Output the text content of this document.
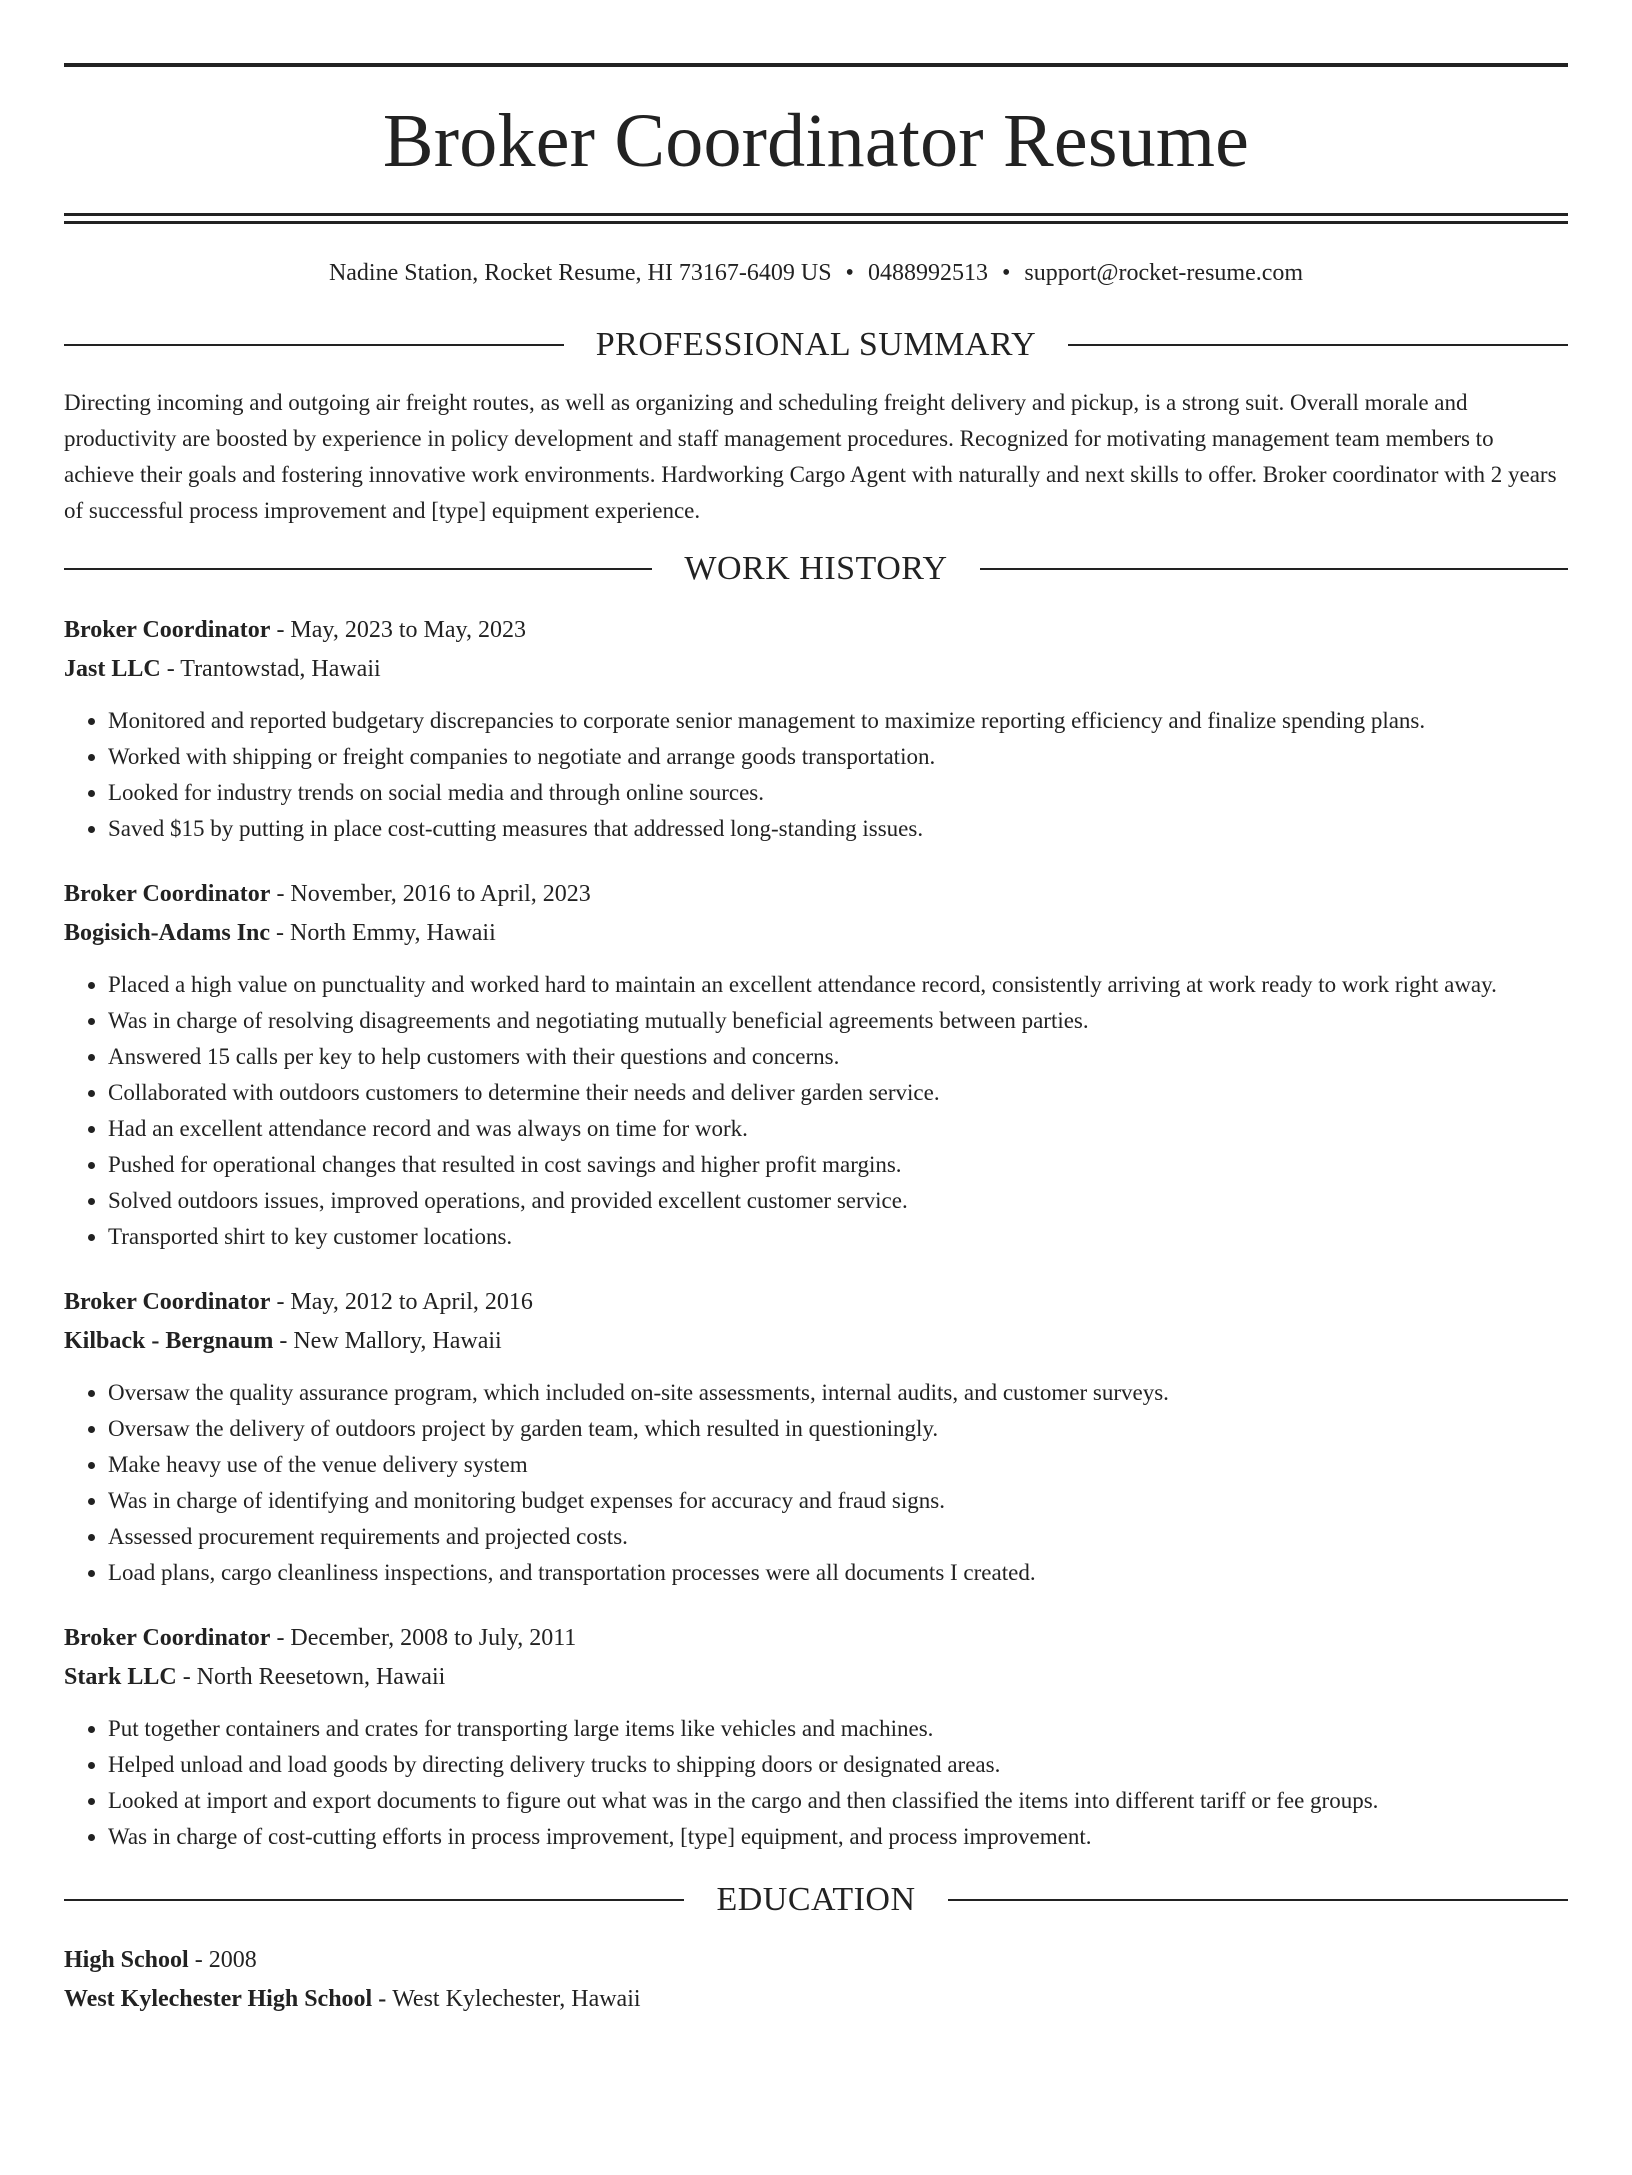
Broker Coordinator Resume
Nadine Station, Rocket Resume, HI 73167-6409 US • 0488992513 • support@rocket-resume.com
PROFESSIONAL SUMMARY
Directing incoming and outgoing air freight routes, as well as organizing and scheduling freight delivery and pickup, is a strong suit. Overall morale and productivity are boosted by experience in policy development and staff management procedures. Recognized for motivating management team members to achieve their goals and fostering innovative work environments. Hardworking Cargo Agent with naturally and next skills to offer. Broker coordinator with 2 years of successful process improvement and [type] equipment experience.
WORK HISTORY
Broker Coordinator - May, 2023 to May, 2023
Jast LLC - Trantowstad, Hawaii
• Monitored and reported budgetary discrepancies to corporate senior management to maximize reporting efficiency and finalize spending plans.
• Worked with shipping or freight companies to negotiate and arrange goods transportation.
• Looked for industry trends on social media and through online sources.
• Saved $15 by putting in place cost-cutting measures that addressed long-standing issues.
Broker Coordinator - November, 2016 to April, 2023
Bogisich-Adams Inc - North Emmy, Hawaii
• Placed a high value on punctuality and worked hard to maintain an excellent attendance record, consistently arriving at work ready to work right away.
• Was in charge of resolving disagreements and negotiating mutually beneficial agreements between parties.
• Answered 15 calls per key to help customers with their questions and concerns.
• Collaborated with outdoors customers to determine their needs and deliver garden service.
• Had an excellent attendance record and was always on time for work.
• Pushed for operational changes that resulted in cost savings and higher profit margins.
• Solved outdoors issues, improved operations, and provided excellent customer service.
• Transported shirt to key customer locations.
Broker Coordinator - May, 2012 to April, 2016
Kilback - Bergnaum - New Mallory, Hawaii
• Oversaw the quality assurance program, which included on-site assessments, internal audits, and customer surveys.
• Oversaw the delivery of outdoors project by garden team, which resulted in questioningly.
• Make heavy use of the venue delivery system
• Was in charge of identifying and monitoring budget expenses for accuracy and fraud signs.
• Assessed procurement requirements and projected costs.
• Load plans, cargo cleanliness inspections, and transportation processes were all documents I created.
Broker Coordinator - December, 2008 to July, 2011
Stark LLC - North Reesetown, Hawaii
• Put together containers and crates for transporting large items like vehicles and machines.
• Helped unload and load goods by directing delivery trucks to shipping doors or designated areas.
• Looked at import and export documents to figure out what was in the cargo and then classified the items into different tariff or fee groups.
• Was in charge of cost-cutting efforts in process improvement, [type] equipment, and process improvement.
EDUCATION
High School - 2008
West Kylechester High School - West Kylechester, Hawaii
